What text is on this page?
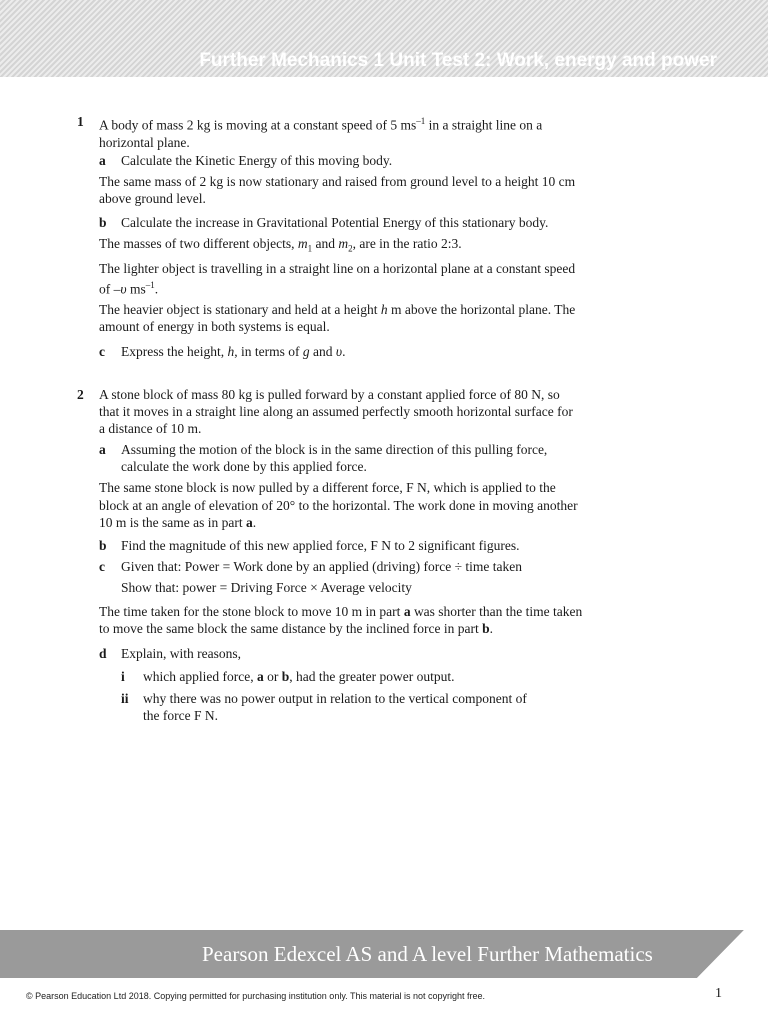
Further Mechanics 1 Unit Test 2: Work, energy and power
1 A body of mass 2 kg is moving at a constant speed of 5 $ms^{-1}$ in a straight line on a horizontal plane.
a Calculate the Kinetic Energy of this moving body.
The same mass of 2 kg is now stationary and raised from ground level to a height 10 cm above ground level.
b Calculate the increase in Gravitational Potential Energy of this stationary body.
The masses of two different objects, $m_1$ and $m_2$, are in the ratio 2:3.
The lighter object is travelling in a straight line on a horizontal plane at a constant speed of –υ $ms^{-1}$.
The heavier object is stationary and held at a height h m above the horizontal plane. The amount of energy in both systems is equal.
c Express the height, h, in terms of g and υ.
2 A stone block of mass 80 kg is pulled forward by a constant applied force of 80 N, so that it moves in a straight line along an assumed perfectly smooth horizontal surface for a distance of 10 m.
a Assuming the motion of the block is in the same direction of this pulling force, calculate the work done by this applied force.
The same stone block is now pulled by a different force, F N, which is applied to the block at an angle of elevation of 20° to the horizontal. The work done in moving another 10 m is the same as in part a.
b Find the magnitude of this new applied force, F N to 2 significant figures.
c Given that: Power = Work done by an applied (driving) force ÷ time taken
Show that: power = Driving Force × Average velocity
The time taken for the stone block to move 10 m in part a was shorter than the time taken to move the same block the same distance by the inclined force in part b.
d Explain, with reasons,
i which applied force, a or b, had the greater power output.
ii why there was no power output in relation to the vertical component of the force F N.
Pearson Edexcel AS and A level Further Mathematics
© Pearson Education Ltd 2018. Copying permitted for purchasing institution only. This material is not copyright free.	1
